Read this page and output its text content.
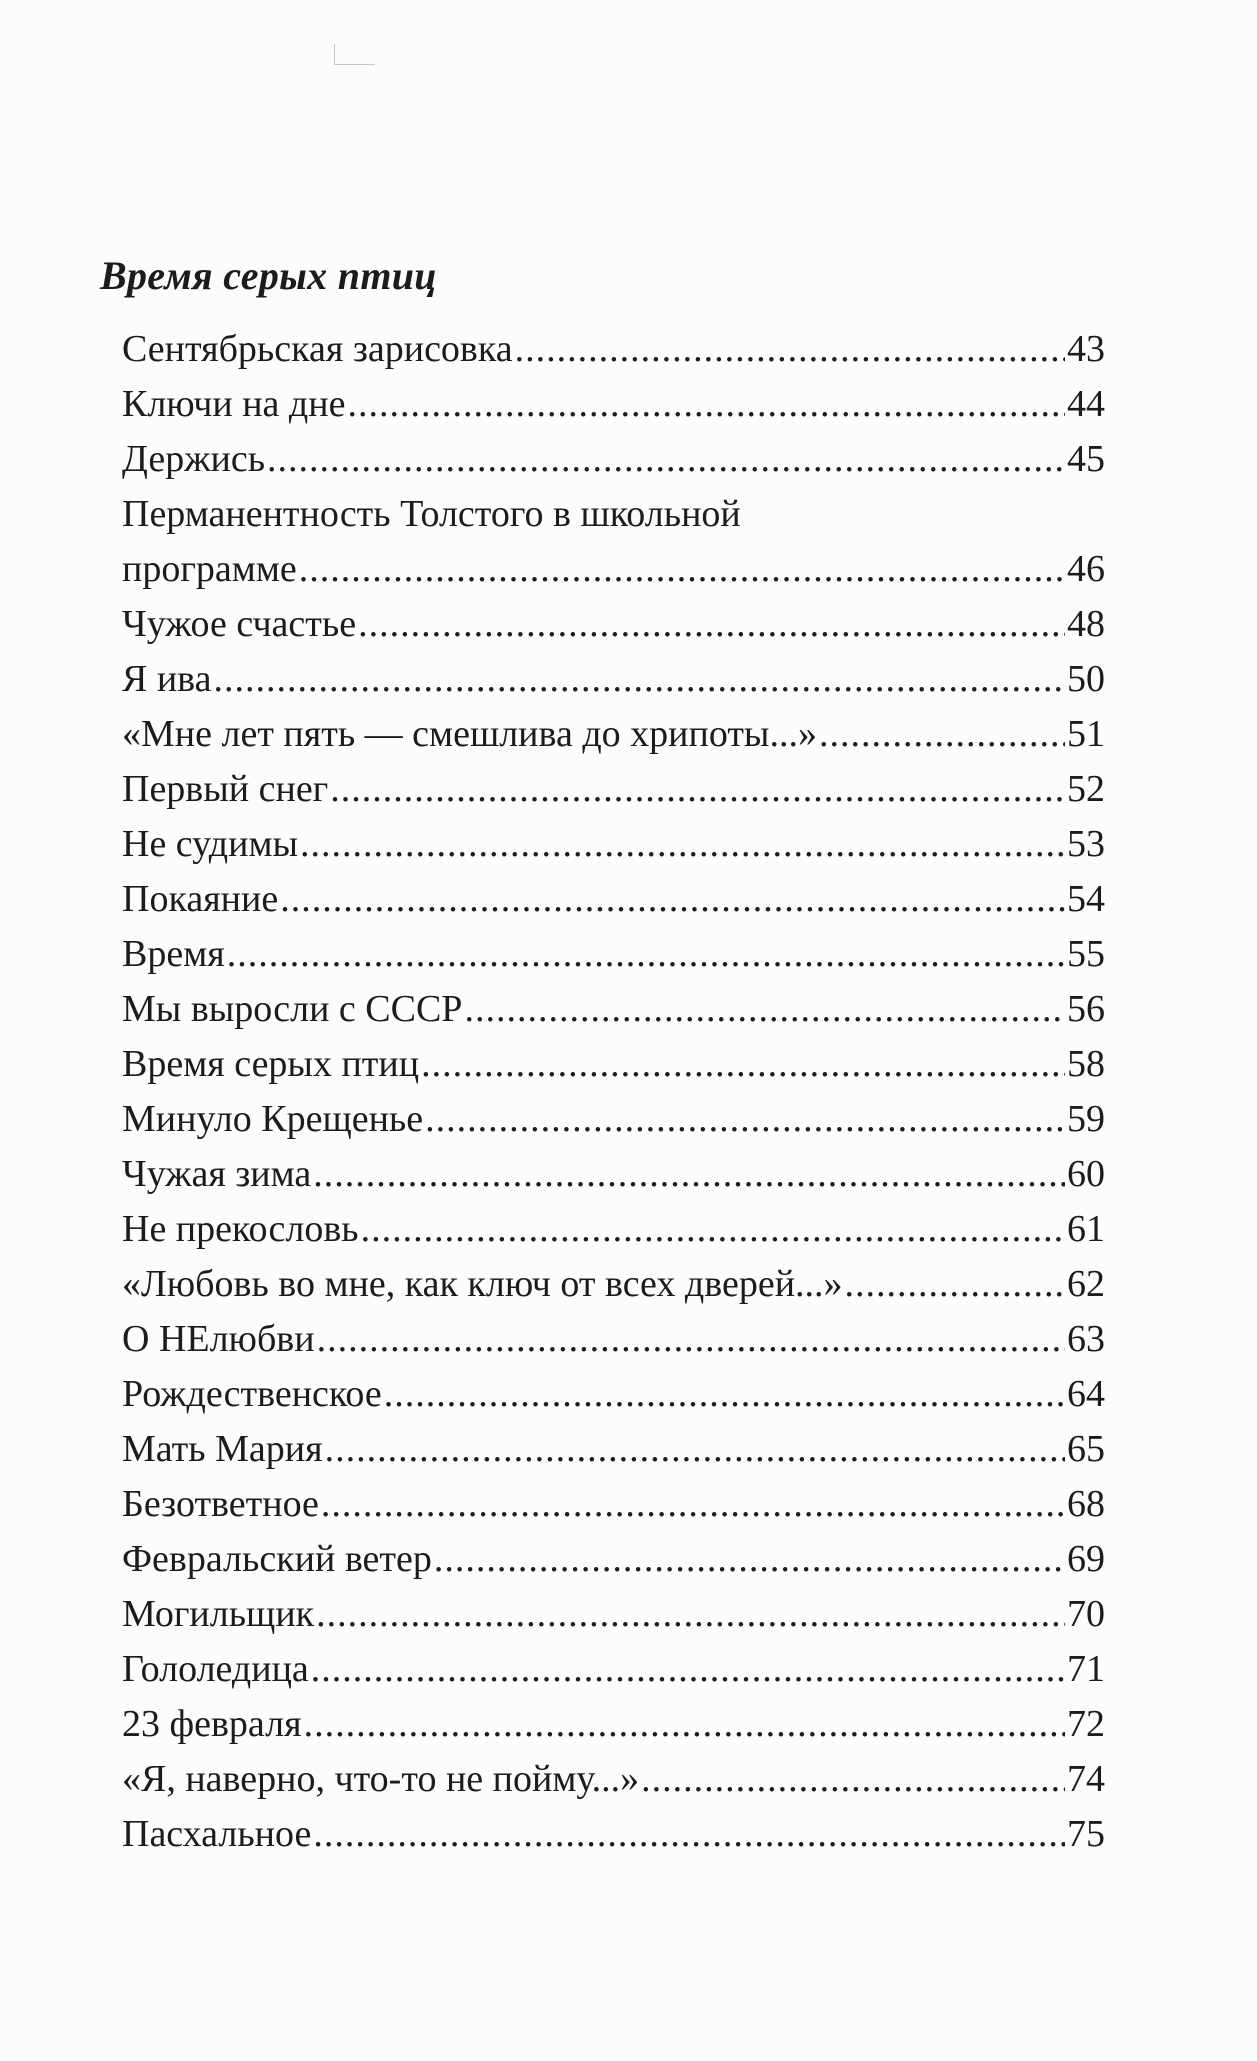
Время серых птиц
Сентябрьская зарисовка .....	43
Ключи на дне .....	44
Держись .....	45
Перманентность Толстого в школьной
программе .....	46
Чужое счастье .....	48
Я ива .....	50
«Мне лет пять — смешлива до хрипоты...» .....	51
Первый снег .....	52
Не судимы .....	53
Покаяние .....	54
Время .....	55
Мы выросли с СССР .....	56
Время серых птиц .....	58
Минуло Крещенье .....	59
Чужая зима .....	60
Не прекословь .....	61
«Любовь во мне, как ключ от всех дверей...» .....	62
О НЕлюбви .....	63
Рождественское .....	64
Мать Мария .....	65
Безответное .....	68
Февральский ветер .....	69
Могильщик .....	70
Гололедица .....	71
23 февраля .....	72
«Я, наверно, что-то не пойму...» .....	74
Пасхальное .....	75
